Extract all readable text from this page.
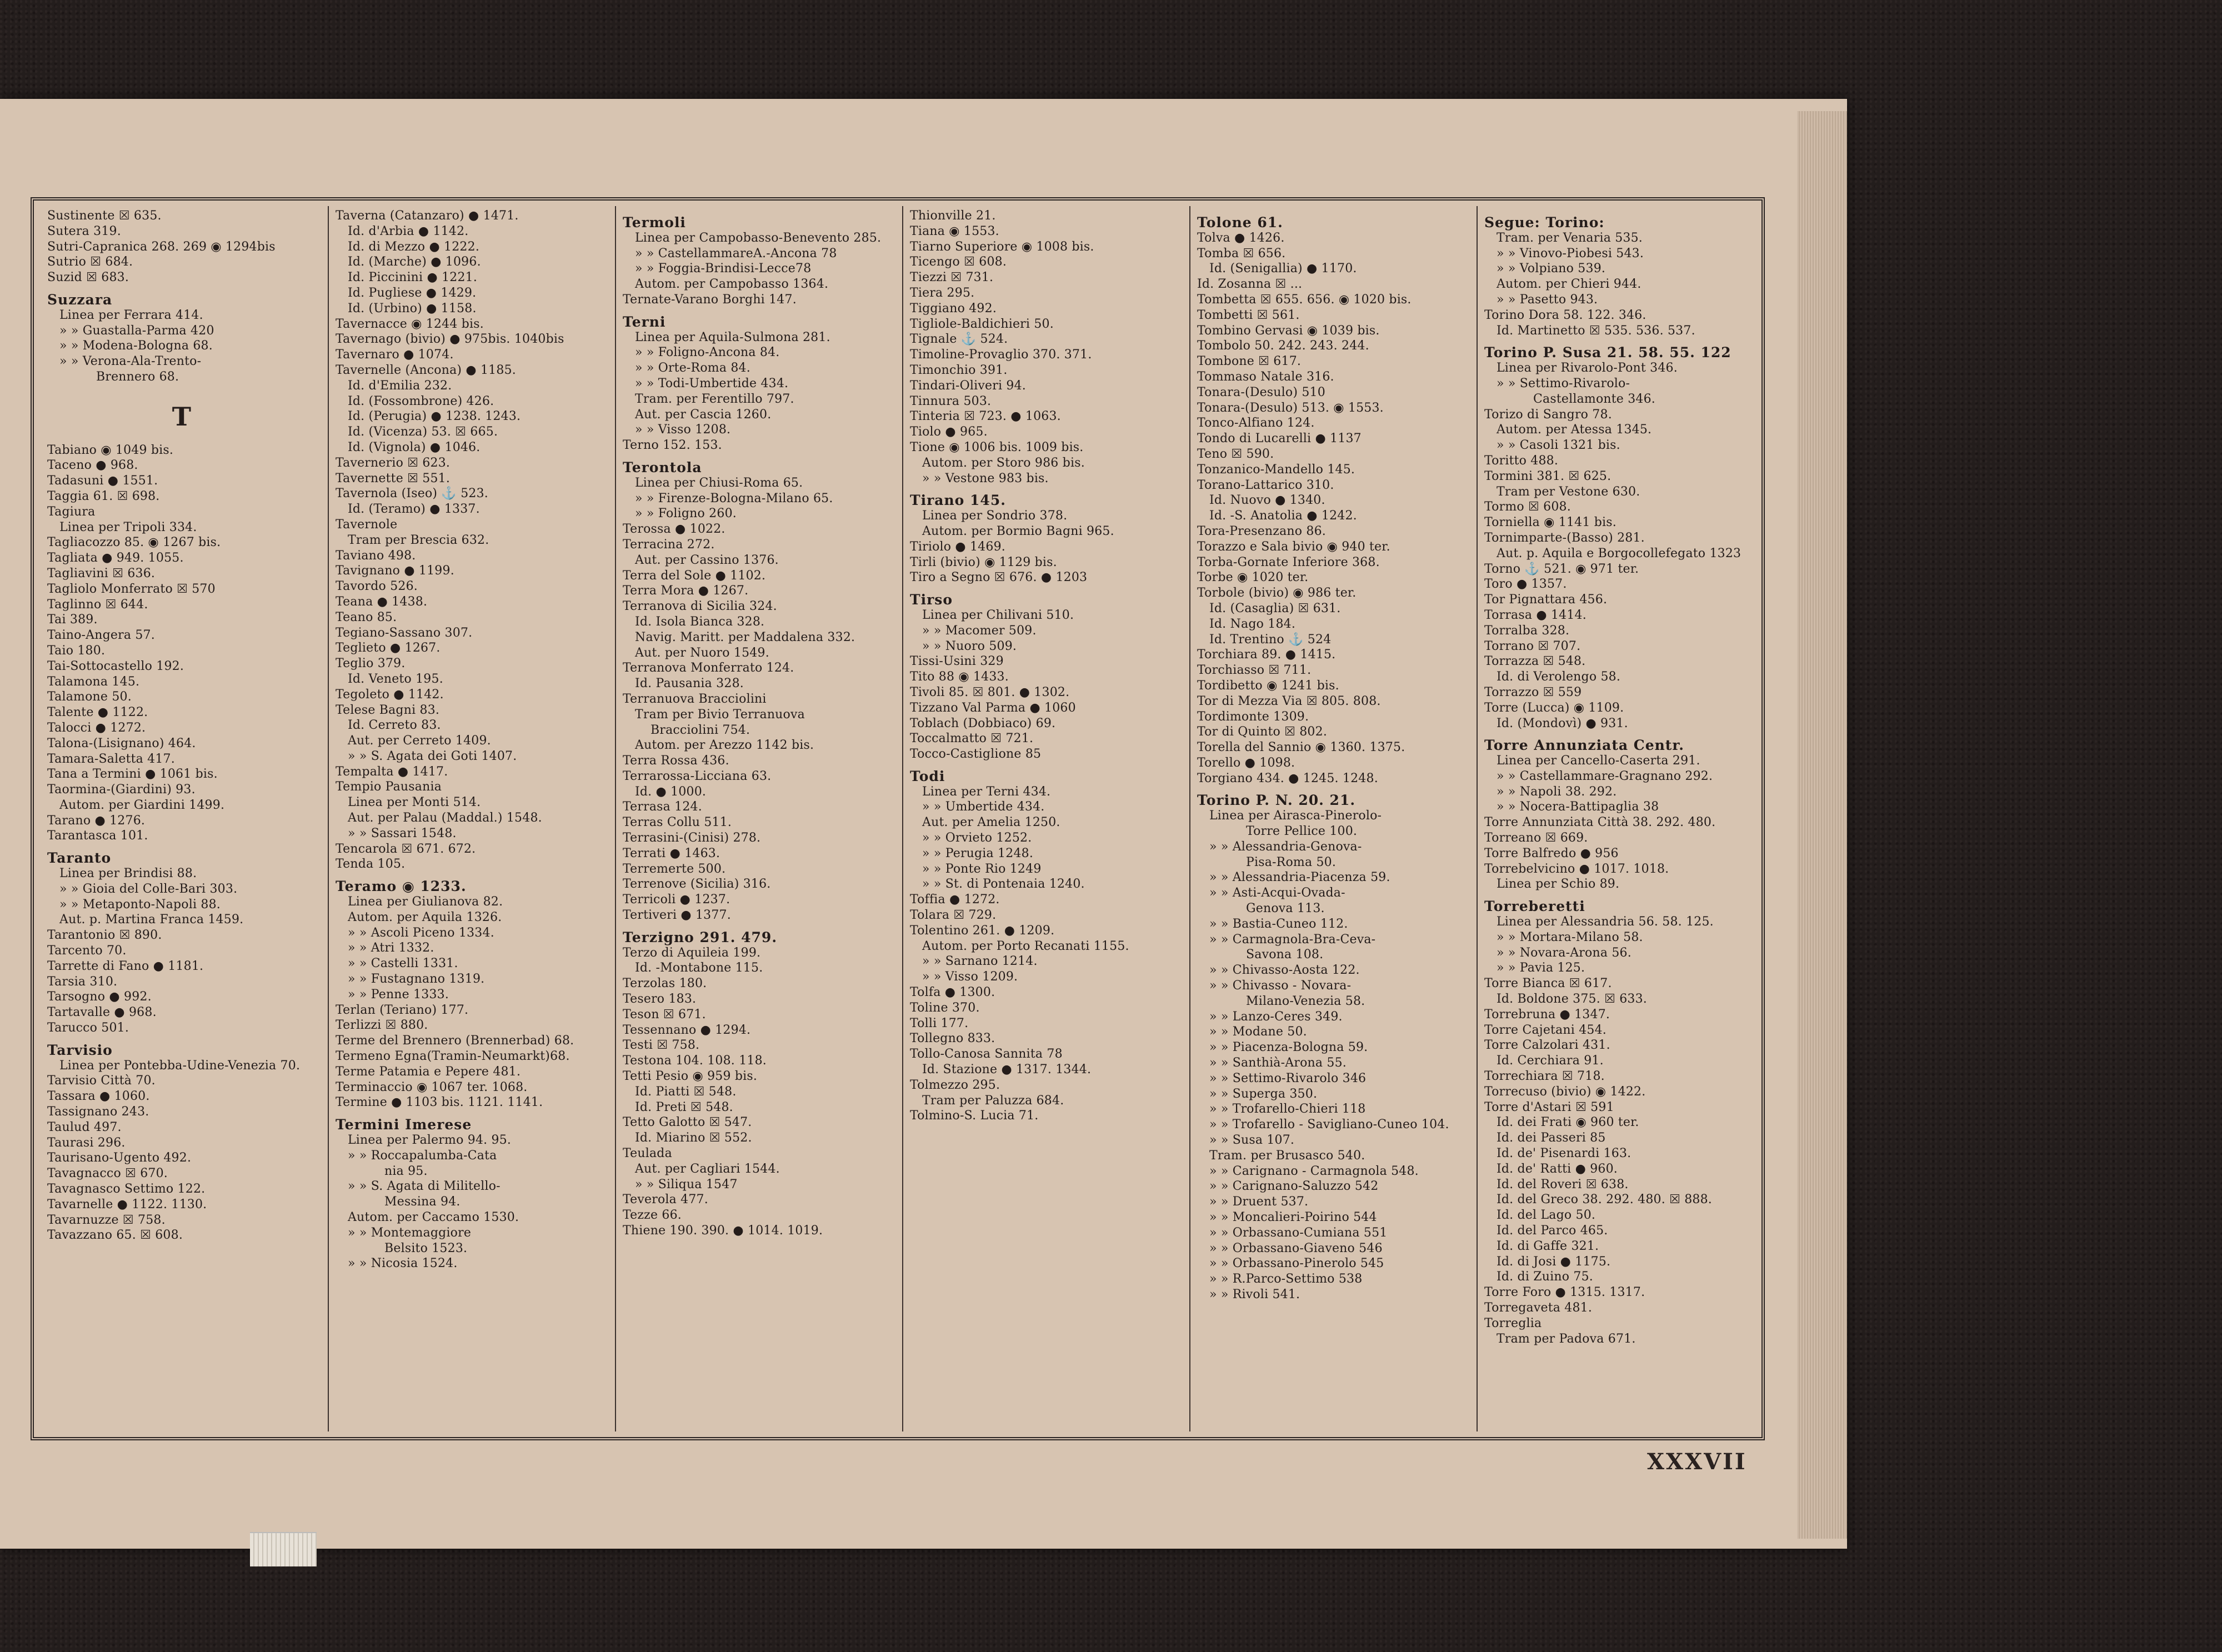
Sustinente ☒ 635.
Sutera 319.
Sutri-Capranica 268. 269 ◉ 1294bis
Sutrio ☒ 684.
Suzid ☒ 683.
Suzzara
Linea per Ferrara 414.
» » Guastalla-Parma 420
» » Modena-Bologna 68.
» » Verona-Ala-Trento-
Brennero 68.
T
Tabiano ◉ 1049 bis.
Taceno ● 968.
Tadasuni ● 1551.
Taggia 61. ☒ 698.
Tagiura
Linea per Tripoli 334.
Tagliacozzo 85. ◉ 1267 bis.
Tagliata ● 949. 1055.
Tagliavini ☒ 636.
Tagliolo Monferrato ☒ 570
Taglinno ☒ 644.
Tai 389.
Taino-Angera 57.
Taio 180.
Tai-Sottocastello 192.
Talamona 145.
Talamone 50.
Talente ● 1122.
Talocci ● 1272.
Talona-(Lisignano) 464.
Tamara-Saletta 417.
Tana a Termini ● 1061 bis.
Taormina-(Giardini) 93.
Autom. per Giardini 1499.
Tarano ● 1276.
Tarantasca 101.
Taranto
Linea per Brindisi 88.
» » Gioia del Colle-Bari 303.
» » Metaponto-Napoli 88.
Aut. p. Martina Franca 1459.
Tarantonio ☒ 890.
Tarcento 70.
Tarrette di Fano ● 1181.
Tarsia 310.
Tarsogno ● 992.
Tartavalle ● 968.
Tarucco 501.
Tarvisio
Linea per Pontebba-Udine-Venezia 70.
Tarvisio Città 70.
Tassara ● 1060.
Tassignano 243.
Taulud 497.
Taurasi 296.
Taurisano-Ugento 492.
Tavagnacco ☒ 670.
Tavagnasco Settimo 122.
Tavarnelle ● 1122. 1130.
Tavarnuzze ☒ 758.
Tavazzano 65. ☒ 608.
Taverna (Catanzaro) ● 1471.
Id. d'Arbia ● 1142.
Id. di Mezzo ● 1222.
Id. (Marche) ● 1096.
Id. Piccinini ● 1221.
Id. Pugliese ● 1429.
Id. (Urbino) ● 1158.
Tavernacce ◉ 1244 bis.
Tavernago (bivio) ● 975bis. 1040bis
Tavernaro ● 1074.
Tavernelle (Ancona) ● 1185.
Id. d'Emilia 232.
Id. (Fossombrone) 426.
Id. (Perugia) ● 1238. 1243.
Id. (Vicenza) 53. ☒ 665.
Id. (Vignola) ● 1046.
Tavernerio ☒ 623.
Tavernette ☒ 551.
Tavernola (Iseo) ⚓ 523.
Id. (Teramo) ● 1337.
Tavernole
Tram per Brescia 632.
Taviano 498.
Tavignano ● 1199.
Tavordo 526.
Teana ● 1438.
Teano 85.
Tegiano-Sassano 307.
Teglieto ● 1267.
Teglio 379.
Id. Veneto 195.
Tegoleto ● 1142.
Telese Bagni 83.
Id. Cerreto 83.
Aut. per Cerreto 1409.
» » S. Agata dei Goti 1407.
Tempalta ● 1417.
Tempio Pausania
Linea per Monti 514.
Aut. per Palau (Maddal.) 1548.
» » Sassari 1548.
Tencarola ☒ 671. 672.
Tenda 105.
Teramo ◉ 1233.
Linea per Giulianova 82.
Autom. per Aquila 1326.
» » Ascoli Piceno 1334.
» » Atri 1332.
» » Castelli 1331.
» » Fustagnano 1319.
» » Penne 1333.
Terlan (Teriano) 177.
Terlizzi ☒ 880.
Terme del Brennero (Brennerbad) 68.
Termeno Egna(Tramin-Neumarkt)68.
Terme Patamia e Pepere 481.
Terminaccio ◉ 1067 ter. 1068.
Termine ● 1103 bis. 1121. 1141.
Termini Imerese
Linea per Palermo 94. 95.
» » Roccapalumba-Cata
nia 95.
» » S. Agata di Militello-
Messina 94.
Autom. per Caccamo 1530.
» » Montemaggiore
Belsito 1523.
» » Nicosia 1524.
Termoli
Linea per Campobasso-Benevento 285.
» » CastellammareA.-Ancona 78
» » Foggia-Brindisi-Lecce78
Autom. per Campobasso 1364.
Ternate-Varano Borghi 147.
Terni
Linea per Aquila-Sulmona 281.
» » Foligno-Ancona 84.
» » Orte-Roma 84.
» » Todi-Umbertide 434.
Tram. per Ferentillo 797.
Aut. per Cascia 1260.
» » Visso 1208.
Terno 152. 153.
Terontola
Linea per Chiusi-Roma 65.
» » Firenze-Bologna-Milano 65.
» » Foligno 260.
Terossa ● 1022.
Terracina 272.
Aut. per Cassino 1376.
Terra del Sole ● 1102.
Terra Mora ● 1267.
Terranova di Sicilia 324.
Id. Isola Bianca 328.
Navig. Maritt. per Maddalena 332.
Aut. per Nuoro 1549.
Terranova Monferrato 124.
Id. Pausania 328.
Terranuova Bracciolini
Tram per Bivio Terranuova
Bracciolini 754.
Autom. per Arezzo 1142 bis.
Terra Rossa 436.
Terrarossa-Licciana 63.
Id. ● 1000.
Terrasa 124.
Terras Collu 511.
Terrasini-(Cinisi) 278.
Terrati ● 1463.
Terremerte 500.
Terrenove (Sicilia) 316.
Terricoli ● 1237.
Tertiveri ● 1377.
Terzigno 291. 479.
Terzo di Aquileia 199.
Id. -Montabone 115.
Terzolas 180.
Tesero 183.
Teson ☒ 671.
Tessennano ● 1294.
Testi ☒ 758.
Testona 104. 108. 118.
Tetti Pesio ◉ 959 bis.
Id. Piatti ☒ 548.
Id. Preti ☒ 548.
Tetto Galotto ☒ 547.
Id. Miarino ☒ 552.
Teulada
Aut. per Cagliari 1544.
» » Siliqua 1547
Teverola 477.
Tezze 66.
Thiene 190. 390. ● 1014. 1019.
Thionville 21.
Tiana ◉ 1553.
Tiarno Superiore ◉ 1008 bis.
Ticengo ☒ 608.
Tiezzi ☒ 731.
Tiera 295.
Tiggiano 492.
Tigliole-Baldichieri 50.
Tignale ⚓ 524.
Timoline-Provaglio 370. 371.
Timonchio 391.
Tindari-Oliveri 94.
Tinnura 503.
Tinteria ☒ 723. ● 1063.
Tiolo ● 965.
Tione ◉ 1006 bis. 1009 bis.
Autom. per Storo 986 bis.
» » Vestone 983 bis.
Tirano 145.
Linea per Sondrio 378.
Autom. per Bormio Bagni 965.
Tiriolo ● 1469.
Tirli (bivio) ◉ 1129 bis.
Tiro a Segno ☒ 676. ● 1203
Tirso
Linea per Chilivani 510.
» » Macomer 509.
» » Nuoro 509.
Tissi-Usini 329
Tito 88 ◉ 1433.
Tivoli 85. ☒ 801. ● 1302.
Tizzano Val Parma ● 1060
Toblach (Dobbiaco) 69.
Toccalmatto ☒ 721.
Tocco-Castiglione 85
Todi
Linea per Terni 434.
» » Umbertide 434.
Aut. per Amelia 1250.
» » Orvieto 1252.
» » Perugia 1248.
» » Ponte Rio 1249
» » St. di Pontenaia 1240.
Toffia ● 1272.
Tolara ☒ 729.
Tolentino 261. ● 1209.
Autom. per Porto Recanati 1155.
» » Sarnano 1214.
» » Visso 1209.
Tolfa ● 1300.
Toline 370.
Tolli 177.
Tollegno 833.
Tollo-Canosa Sannita 78
Id. Stazione ● 1317. 1344.
Tolmezzo 295.
Tram per Paluzza 684.
Tolmino-S. Lucia 71.
Tolone 61.
Tolva ● 1426.
Tomba ☒ 656.
Id. (Senigallia) ● 1170.
Id. Zosanna ☒ ...
Tombetta ☒ 655. 656. ◉ 1020 bis.
Tombetti ☒ 561.
Tombino Gervasi ◉ 1039 bis.
Tombolo 50. 242. 243. 244.
Tombone ☒ 617.
Tommaso Natale 316.
Tonara-(Desulo) 510
Tonara-(Desulo) 513. ◉ 1553.
Tonco-Alfiano 124.
Tondo di Lucarelli ● 1137
Teno ☒ 590.
Tonzanico-Mandello 145.
Torano-Lattarico 310.
Id. Nuovo ● 1340.
Id. -S. Anatolia ● 1242.
Tora-Presenzano 86.
Torazzo e Sala bivio ◉ 940 ter.
Torba-Gornate Inferiore 368.
Torbe ◉ 1020 ter.
Torbole (bivio) ◉ 986 ter.
Id. (Casaglia) ☒ 631.
Id. Nago 184.
Id. Trentino ⚓ 524
Torchiara 89. ● 1415.
Torchiasso ☒ 711.
Tordibetto ◉ 1241 bis.
Tor di Mezza Via ☒ 805. 808.
Tordimonte 1309.
Tor di Quinto ☒ 802.
Torella del Sannio ◉ 1360. 1375.
Torello ● 1098.
Torgiano 434. ● 1245. 1248.
Torino P. N. 20. 21.
Linea per Airasca-Pinerolo-
Torre Pellice 100.
» » Alessandria-Genova-
Pisa-Roma 50.
» » Alessandria-Piacenza 59.
» » Asti-Acqui-Ovada-
Genova 113.
» » Bastia-Cuneo 112.
» » Carmagnola-Bra-Ceva-
Savona 108.
» » Chivasso-Aosta 122.
» » Chivasso - Novara-
Milano-Venezia 58.
» » Lanzo-Ceres 349.
» » Modane 50.
» » Piacenza-Bologna 59.
» » Santhià-Arona 55.
» » Settimo-Rivarolo 346
» » Superga 350.
» » Trofarello-Chieri 118
» » Trofarello - Savigliano-Cuneo 104.
» » Susa 107.
Tram. per Brusasco 540.
» » Carignano - Carmagnola 548.
» » Carignano-Saluzzo 542
» » Druent 537.
» » Moncalieri-Poirino 544
» » Orbassano-Cumiana 551
» » Orbassano-Giaveno 546
» » Orbassano-Pinerolo 545
» » R.Parco-Settimo 538
» » Rivoli 541.
Segue: Torino:
Tram. per Venaria 535.
» » Vinovo-Piobesi 543.
» » Volpiano 539.
Autom. per Chieri 944.
» » Pasetto 943.
Torino Dora 58. 122. 346.
Id. Martinetto ☒ 535. 536. 537.
Torino P. Susa 21. 58. 55. 122
Linea per Rivarolo-Pont 346.
» » Settimo-Rivarolo-
Castellamonte 346.
Torizo di Sangro 78.
Autom. per Atessa 1345.
» » Casoli 1321 bis.
Toritto 488.
Tormini 381. ☒ 625.
Tram per Vestone 630.
Tormo ☒ 608.
Torniella ◉ 1141 bis.
Tornimparte-(Basso) 281.
Aut. p. Aquila e Borgocollefegato 1323
Torno ⚓ 521. ◉ 971 ter.
Toro ● 1357.
Tor Pignattara 456.
Torrasa ● 1414.
Torralba 328.
Torrano ☒ 707.
Torrazza ☒ 548.
Id. di Verolengo 58.
Torrazzo ☒ 559
Torre (Lucca) ◉ 1109.
Id. (Mondovì) ● 931.
Torre Annunziata Centr.
Linea per Cancello-Caserta 291.
» » Castellammare-Gragnano 292.
» » Napoli 38. 292.
» » Nocera-Battipaglia 38
Torre Annunziata Città 38. 292. 480.
Torreano ☒ 669.
Torre Balfredo ● 956
Torrebelvicino ● 1017. 1018.
Linea per Schio 89.
Torreberetti
Linea per Alessandria 56. 58. 125.
» » Mortara-Milano 58.
» » Novara-Arona 56.
» » Pavia 125.
Torre Bianca ☒ 617.
Id. Boldone 375. ☒ 633.
Torrebruna ● 1347.
Torre Cajetani 454.
Torre Calzolari 431.
Id. Cerchiara 91.
Torrechiara ☒ 718.
Torrecuso (bivio) ◉ 1422.
Torre d'Astari ☒ 591
Id. dei Frati ◉ 960 ter.
Id. dei Passeri 85
Id. de' Pisenardi 163.
Id. de' Ratti ● 960.
Id. del Roveri ☒ 638.
Id. del Greco 38. 292. 480. ☒ 888.
Id. del Lago 50.
Id. del Parco 465.
Id. di Gaffe 321.
Id. di Josi ● 1175.
Id. di Zuino 75.
Torre Foro ● 1315. 1317.
Torregaveta 481.
Torreglia
Tram per Padova 671.
XXXVII
